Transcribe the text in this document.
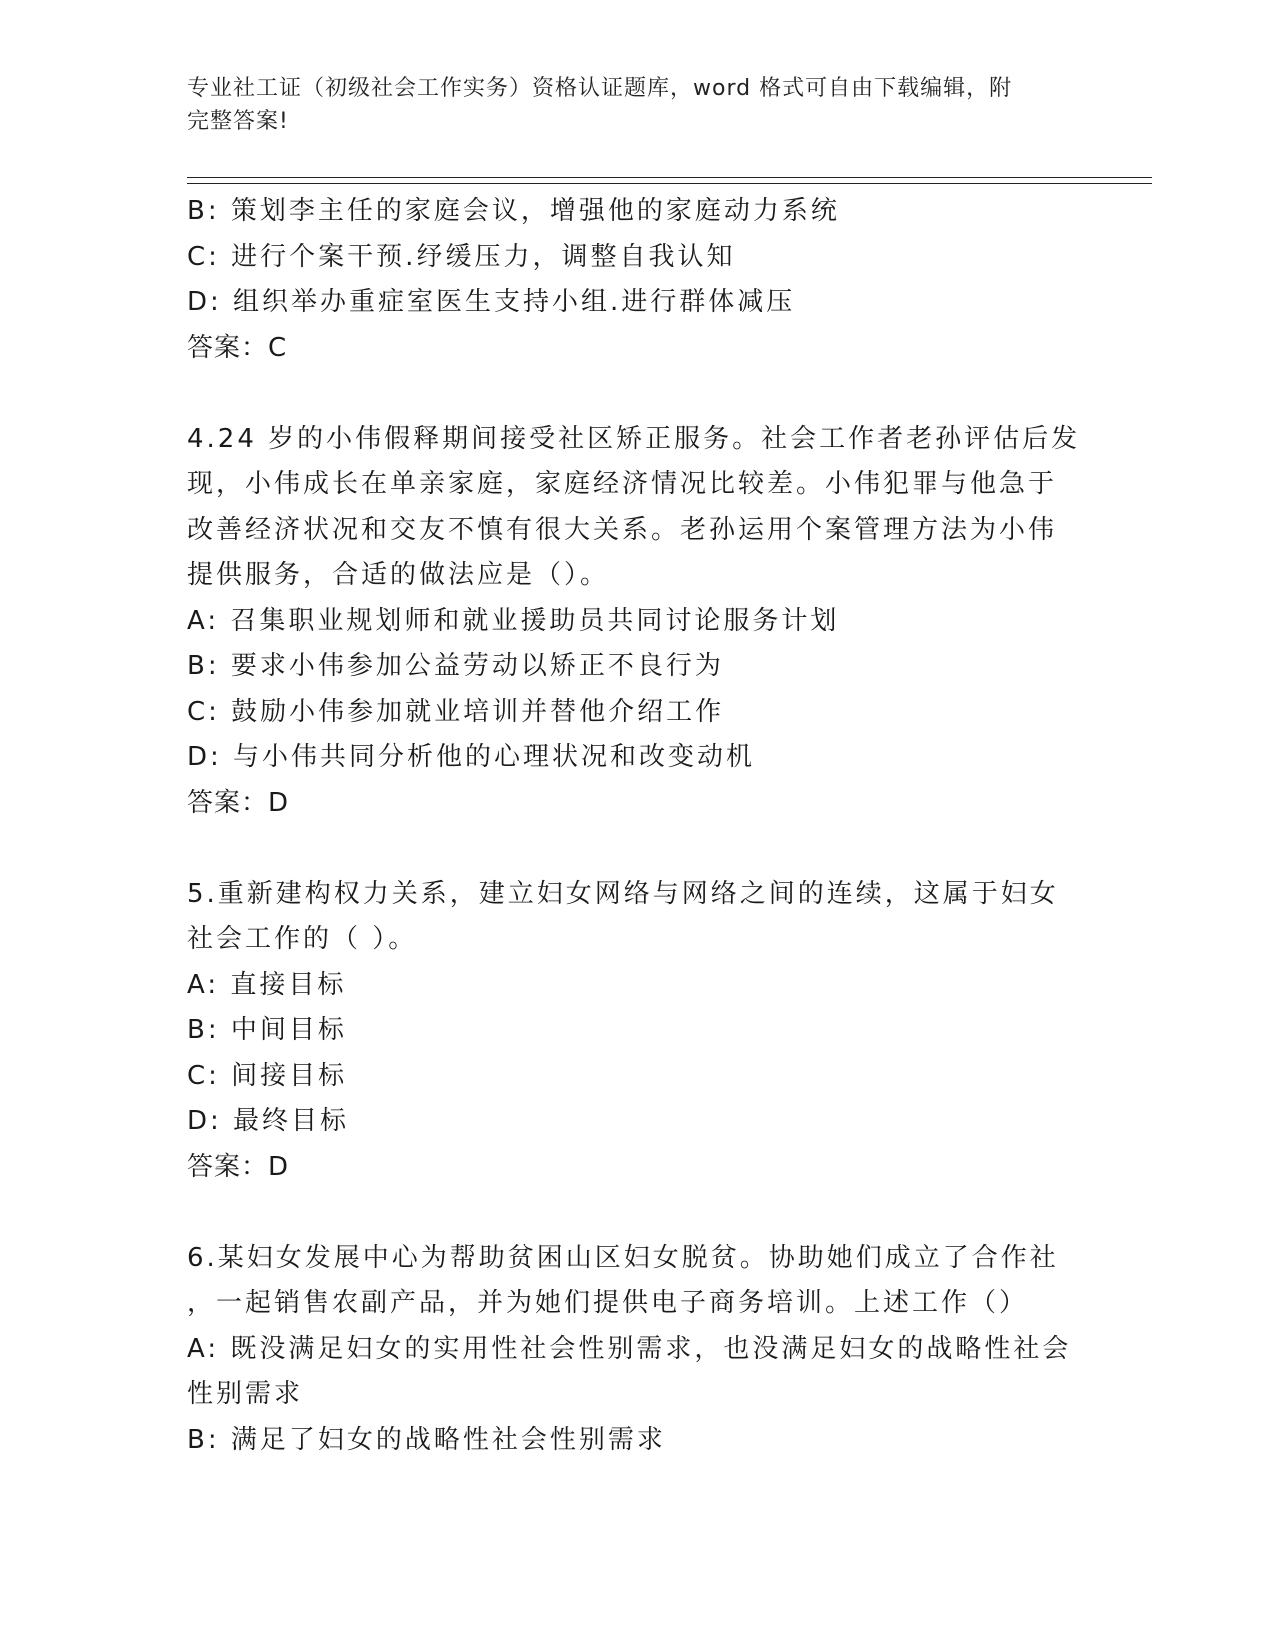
专业社工证（初级社会工作实务）资格认证题库，word 格式可自由下载编辑，附
完整答案!
B: 策划李主任的家庭会议，增强他的家庭动力系统
C: 进行个案干预.纾缓压力，调整自我认知
D: 组织举办重症室医生支持小组.进行群体减压
答案：C
4.24 岁的小伟假释期间接受社区矫正服务。社会工作者老孙评估后发
现，小伟成长在单亲家庭，家庭经济情况比较差。小伟犯罪与他急于
改善经济状况和交友不慎有很大关系。老孙运用个案管理方法为小伟
提供服务，合适的做法应是（）。
A: 召集职业规划师和就业援助员共同讨论服务计划
B: 要求小伟参加公益劳动以矫正不良行为
C: 鼓励小伟参加就业培训并替他介绍工作
D: 与小伟共同分析他的心理状况和改变动机
答案：D
5.重新建构权力关系，建立妇女网络与网络之间的连续，这属于妇女
社会工作的（ ）。
A: 直接目标
B: 中间目标
C: 间接目标
D: 最终目标
答案：D
6.某妇女发展中心为帮助贫困山区妇女脱贫。协助她们成立了合作社
，一起销售农副产品，并为她们提供电子商务培训。上述工作（）
A: 既没满足妇女的实用性社会性别需求，也没满足妇女的战略性社会
性别需求
B: 满足了妇女的战略性社会性别需求
